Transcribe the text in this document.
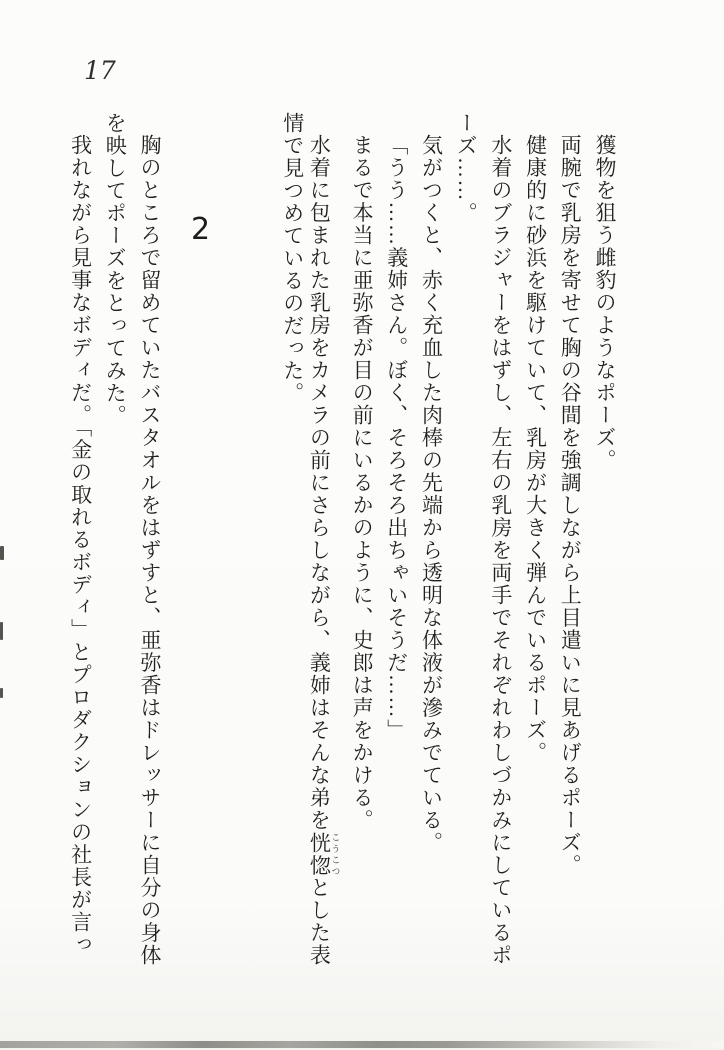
17
2	獲物を狙う雌豹のようなポーズ。
両腕で乳房を寄せて胸の谷間を強調しながら上目遣いに見あげるポーズ。
健康的に砂浜を駆けていて、乳房が大きく弾んでいるポーズ。
水着のブラジャーをはずし、左右の乳房を両手でそれぞれわしづかみにしているポ
ーズ……。
気がつくと、赤く充血した肉棒の先端から透明な体液が滲みでている。
「うう……義姉さん。ぼく、そろそろ出ちゃいそうだ……」
まるで本当に亜弥香が目の前にいるかのように、史郎は声をかける。
水着に包まれた乳房をカメラの前にさらしながら、義姉はそんな弟を恍惚 こうこつとした表
情で見つめているのだった。
胸のところで留めていたバスタオルをはずすと、亜弥香はドレッサーに自分の身体
を映してポーズをとってみた。
我れながら見事なボディだ。「金の取れるボディ」とプロダクションの社長が言っ
